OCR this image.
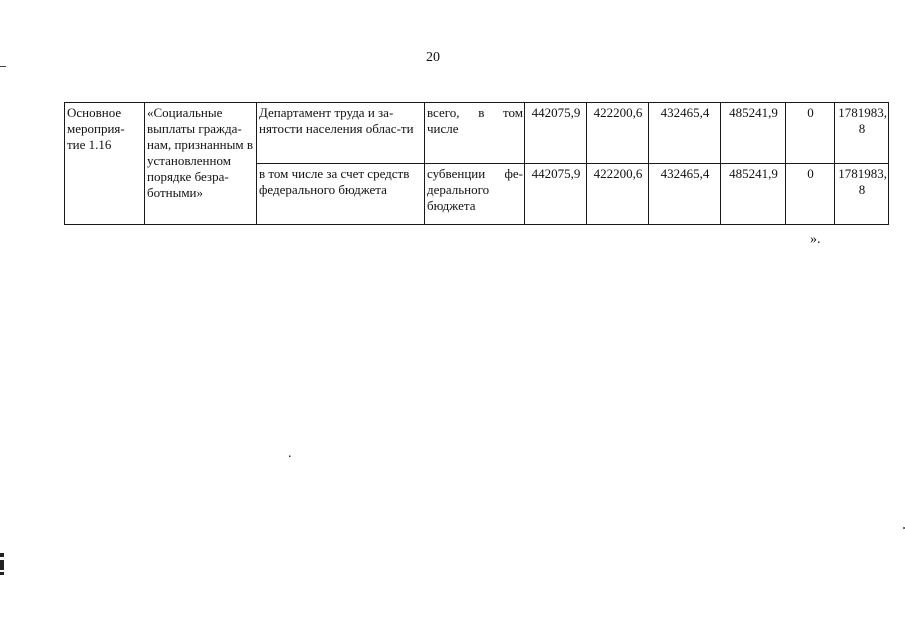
20
Основное мероприя-тие 1.16	«Социальные выплаты гражда-нам, признанным в установленном порядке безра-ботными»	Департамент труда и за-нятости населения облас-ти	всего, в том числе	442075,9	422200,6	432465,4	485241,9	0	1781983,
8

		в том числе за счет средств федерального бюджета	субвенции фе-дерального бюджета	442075,9	422200,6	432465,4	485241,9	0	1781983,
8
».
.
